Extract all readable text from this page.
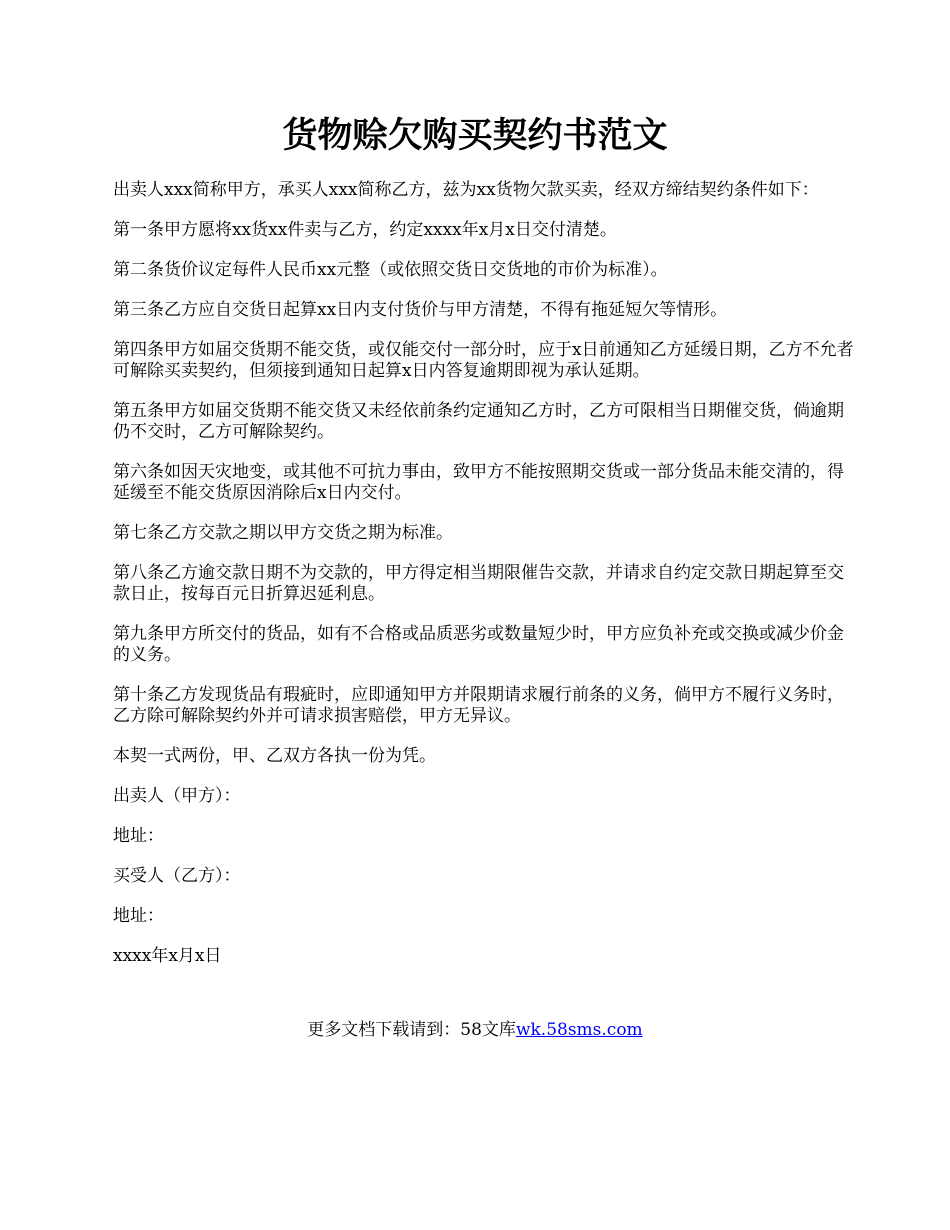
货物赊欠购买契约书范文

出卖人xxx简称甲方，承买人xxx简称乙方，兹为xx货物欠款买卖，经双方缔结契约条件如下：

第一条甲方愿将xx货xx件卖与乙方，约定xxxx年x月x日交付清楚。

第二条货价议定每件人民币xx元整（或依照交货日交货地的市价为标准）。

第三条乙方应自交货日起算xx日内支付货价与甲方清楚，不得有拖延短欠等情形。

第四条甲方如届交货期不能交货，或仅能交付一部分时，应于x日前通知乙方延缓日期，乙方不允者可解除买卖契约，但须接到通知日起算x日内答复逾期即视为承认延期。

第五条甲方如届交货期不能交货又未经依前条约定通知乙方时，乙方可限相当日期催交货，倘逾期仍不交时，乙方可解除契约。

第六条如因天灾地变，或其他不可抗力事由，致甲方不能按照期交货或一部分货品未能交清的，得延缓至不能交货原因消除后x日内交付。

第七条乙方交款之期以甲方交货之期为标准。

第八条乙方逾交款日期不为交款的，甲方得定相当期限催告交款，并请求自约定交款日期起算至交款日止，按每百元日折算迟延利息。

第九条甲方所交付的货品，如有不合格或品质恶劣或数量短少时，甲方应负补充或交换或减少价金的义务。

第十条乙方发现货品有瑕疵时，应即通知甲方并限期请求履行前条的义务，倘甲方不履行义务时，乙方除可解除契约外并可请求损害赔偿，甲方无异议。

本契一式两份，甲、乙双方各执一份为凭。

出卖人（甲方）：

地址：

买受人（乙方）：

地址：

xxxx年x月x日

更多文档下载请到：58文库wk.58sms.com
